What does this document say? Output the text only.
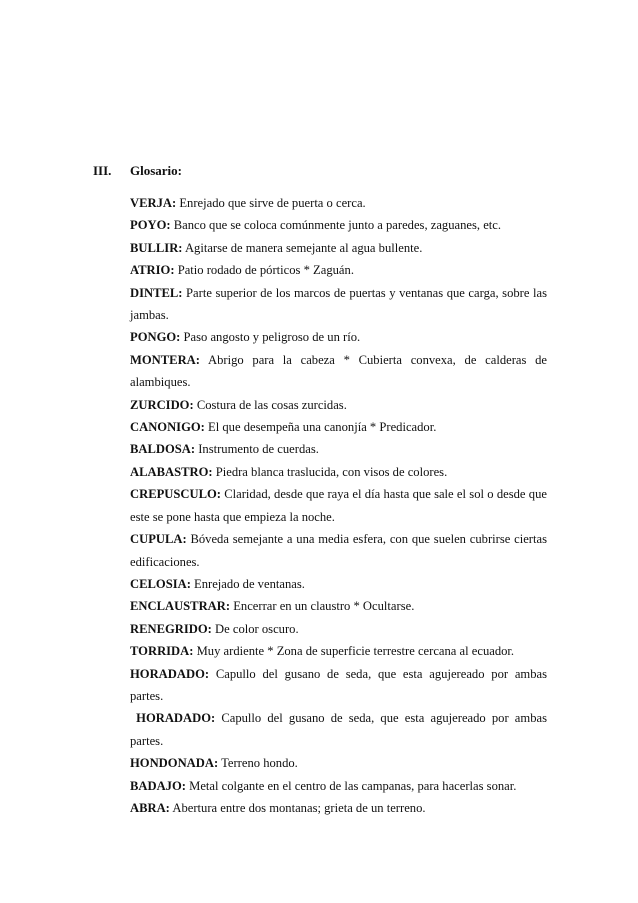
III.	Glosario:
VERJA: Enrejado que sirve de puerta o cerca.
POYO: Banco que se coloca comúnmente junto a paredes, zaguanes, etc.
BULLIR: Agitarse de manera semejante al agua bullente.
ATRIO: Patio rodado de pórticos * Zaguán.
DINTEL: Parte superior de los marcos de puertas y ventanas que carga, sobre las jambas.
PONGO: Paso angosto y peligroso de un río.
MONTERA: Abrigo para la cabeza * Cubierta convexa, de calderas de alambiques.
ZURCIDO: Costura de las cosas zurcidas.
CANONIGO: El que desempeña una canonjía * Predicador.
BALDOSA: Instrumento de cuerdas.
ALABASTRO: Piedra blanca traslucida, con visos de colores.
CREPUSCULO: Claridad, desde que raya el día hasta que sale el sol o desde que este se pone hasta que empieza la noche.
CUPULA: Bóveda semejante a una media esfera, con que suelen cubrirse ciertas edificaciones.
CELOSIA: Enrejado de ventanas.
ENCLAUSTRAR: Encerrar en un claustro * Ocultarse.
RENEGRIDO: De color oscuro.
TORRIDA: Muy ardiente * Zona de superficie terrestre cercana al ecuador.
HORADADO: Capullo del gusano de seda, que esta agujereado por ambas partes.
HORADADO: Capullo del gusano de seda, que esta agujereado por ambas partes.
HONDONADA: Terreno hondo.
BADAJO: Metal colgante en el centro de las campanas, para hacerlas sonar.
ABRA: Abertura entre dos montanas; grieta de un terreno.
